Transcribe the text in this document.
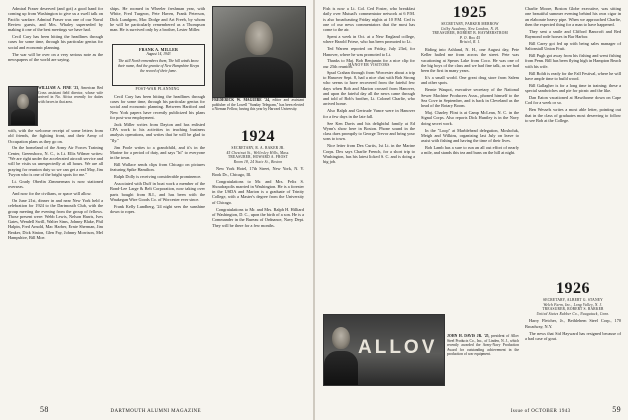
Admiral Fraser deserved (and got) a good hand for coming up from Washington to give us a swell talk on Pacific warfare. Admiral Fraser was one of our Naval Review guests, and Mrs. Whaley superseded by making it one of the best meetings we have had.

Cecil Cary has been hitting the headlines through cases for some time, through his particular genius for social and economic planning.

The war will be over on a very serious note as the newspapers of the world are saying.

WILLIAM A. FINE '23, American Red Cross assistant field director, whose wife arrived in No. Africa recently for duties with forces in that area.

with, with the welcome receipt of some letters from old friends, the fighting front, and their Army of Occupation plans as they go on.

On the homeland of the Army Air Forces Training Center, Greensboro, N. C., is Lt. Ellis Wilmer writes: "We are right under the accelerated aircraft service and will be visits us unexpectedly at all hours. We are all praying for reunion duty so we can get a real May, Jim Twyon who is one of the bright spots for me."

Lt. Grady Oberlin Zimmerman is now stationed overseas.

And now for the civilians, or space will allow.

On June 21st, dinner in and near New York held a celebration for 1924 to the Dartmouth Club, with the group meeting the evening from the group of fellows. Those present were: Webb Lewis, Nelson Harris, Ives Gates, Wendell Swill, Walter Sims, Johnny Blake, Phil Halpin, Fred Arnold, Mac Harber, Ernie Sherman, Jim Beaker, Dick Sinion, Glen Fay, Johnny Morrison, Mel Hampshire, Bill Moe.

ships. He roomed in Wheeler freshman year, with White, Fred Turgeon, Pete Haven, Frank Peterson, Dick Lundgren, Mac Dodge and Art Freeh, by whom he will be particularly remembered as a Thompson man. He is survived only by a brother, Lester Miller.

FRANK A. MILLER
August 14, 1943
The still North remembers them, The hill winds know their name, And the granite of New Hampshire Keeps the record of their fame.
POST-WAR PLANNING

Cecil Cary has been hitting the headlines through cases for some time, through his particular genius for social and economic planning. Between Hartford and New York papers have recently publicized his plans for post-war employment.

Jack Miller writes from Dayton and has enlisted CPA work to his activities in teaching business analysis operations, and writes that he will be glad to "fly."

Jim Poole writes to a grandchild, and it's in the Marine for a period of duty, and says "hi" to everyone in the town.

Bill Wallace sends clips from Chicago on pictures featuring Spike Hamilton.

Ralph Dolly is receiving considerable prominence.

Associated with Duff in boat work a member of the Bond-Lee Large & Belt Corporation, now taking over parts bought from R.I., and has been with the Waukegan Wire Goods Co. of Worcester ever since.

Frank Kelly Lundberg, '24 night sees the sunshine down to ropes.

FREDERICK W. MAGUIRE '24, editor and assistant publisher of the Lowell "Sunday Telegram," has been elected a Nieman Fellow, having this year by Harvard University.
1924
SECRETARY, R. A. BAKER JR.
45 Chestnut St., Wellesley Hills, Mass.
TREASURER, HOWARD A. FROST
Room 18, 24 State St., Boston

New York Hotel, 17th Street, New York, N. Y. Book Dr., Chicago, Ill.

Congratulations to Mr. and Mrs. Felix S. Shoudrapolis married in Washington. He is a forester in the USDA and Marion is a graduate of Trinity College, with a Master's degree from the University of Chicago.

Congratulations to Mr. and Mrs. Ralph H. Hilliard of Washington, D. C., upon the birth of a son. He is a Commander in the Bureau of Ordnance, Navy Dept. They will be there for a few months.

58	DARTMOUTH ALUMNI MAGAZINE

Fish is now a Lt. Col. Ced Foster, who breakfast daily over Mutual's commentator network at 6 P.M. is also broadcasting Friday nights at 10 P.M. Ced is one of our news commentators that the most has come to the air.

Spent a week in Oct. at a New England college, where Harold Friese, who has been promoted to Lt.

Ted Warren reported on Friday, July 23rd, for Hanover, where he was promoted to Lt.

Thanks to Maj. Bob Benjamin for a nice clip for our 25th reunion.

HANOVER VISITORS

Spud Crahan through from Worcester about a trip to Hanover Sept. 8, had a nice chat with Bob Strong who seems to have recovered from the fateful few days when Bob and Marion crossed from Hanover, and upon the fateful day all the news came through and told of Bob's brother, Lt. Colonel Charlie, who arrived home.

Also Ralph and Gertrude Vance were in Hanover for a few days in the late fall.

See Ken Davis and his delightful family at Ed Wynn's show here in Boston. Phone sound in the class dues promptly to George Trevor and bring your sons to town.

Nice letter from Dex Curtis, 1st Lt. in the Marine Corps. Dex says Charlie French, for a short trip to Washington, has his latest licked S. C. and is doing a big job.

ALLOV
JOHN H. DAVIS JR. '25, president of Allov Steel Products Co., Inc., of Linden, N. J., which recently awarded the Army-Navy Production Award for outstanding achievement in the production of war equipment.
1925
SECRETARY, PARKER MERROW
Colby Academy, New London, N. H.
TREASURER, ROBERT B. HAYMERSTROM
P. O. Box 45
Bristol, R. I.

Riding into Ashland, N. H., one August day, Pete Keller hailed me from across the street. Pete was vacationing at Spears Lake from Coco. He was one of the big boys of the class and we had fine talk, as we had been the first in many years.

It's a small world. One great drug store from Salem and other spots.

Bernie Waupot, executive secretary of the National Sewer Machine Producers Assn., phoned himself to the Sea Cove in September, and is back in Cleveland as the head of the Rotary Boom.

Maj. Charley Flint is at Camp McLean, N. C. in the Signal Corps. Also reports Dick Huntley is in the Navy doing secret work.

In the "Loop" at Marblehead delegation, Mosholuk, Meigh and Wilkins, organizing last July on leave to assist with fishing and having the time of their lives.

Bob Lamb has a sure to run an all out effort of nearly a mile, and stands this tea and buns on the hill at night.

Charlie Moore, Boston Globe executive, was sitting one beautiful summer evening behind his own cigar in an elaborate heavy pipe. When we approached Charlie, then the expected thing for a man to have happened.

They sent a smile and Clifford Bancroft and Red Raymond rode horses in Bar Harbor.

Bill Carey got fed up with being sales manager of Saltonstall Union Fruit.

Bill Pugh got away from his fishing and went fishing from Penn. Bill has been flying high in Hampton Beach with his wife.

Bill Boldt is ready for the Fall Festival, where he will have ample time to build wood.

Bill Gallagher is for a long time in training; these a special sandwiches and pie for picnic and the like.

Dan Eaton vacationed at Hawthorne down on Cape Cod for a week or so.

Ben Wessels writes a most able letter, pointing out that in the class of graduates most deserving to follow to see Bob at the College.

1926
SECRETARY, ALBERT G. STANEY
Welch Farm, Inc., Long Valley, N. J.
TREASURER, ROBERT S. BARKER
United States Rubber Co., Naugatuck, Conn.

Harry Fletcher, Jr., Bethlehem Steel Corp., 170 Broadway, N.Y.

The news that Sid Hayward has resigned because of a bad case of gout.

Issue of OCTOBER 1943	59
